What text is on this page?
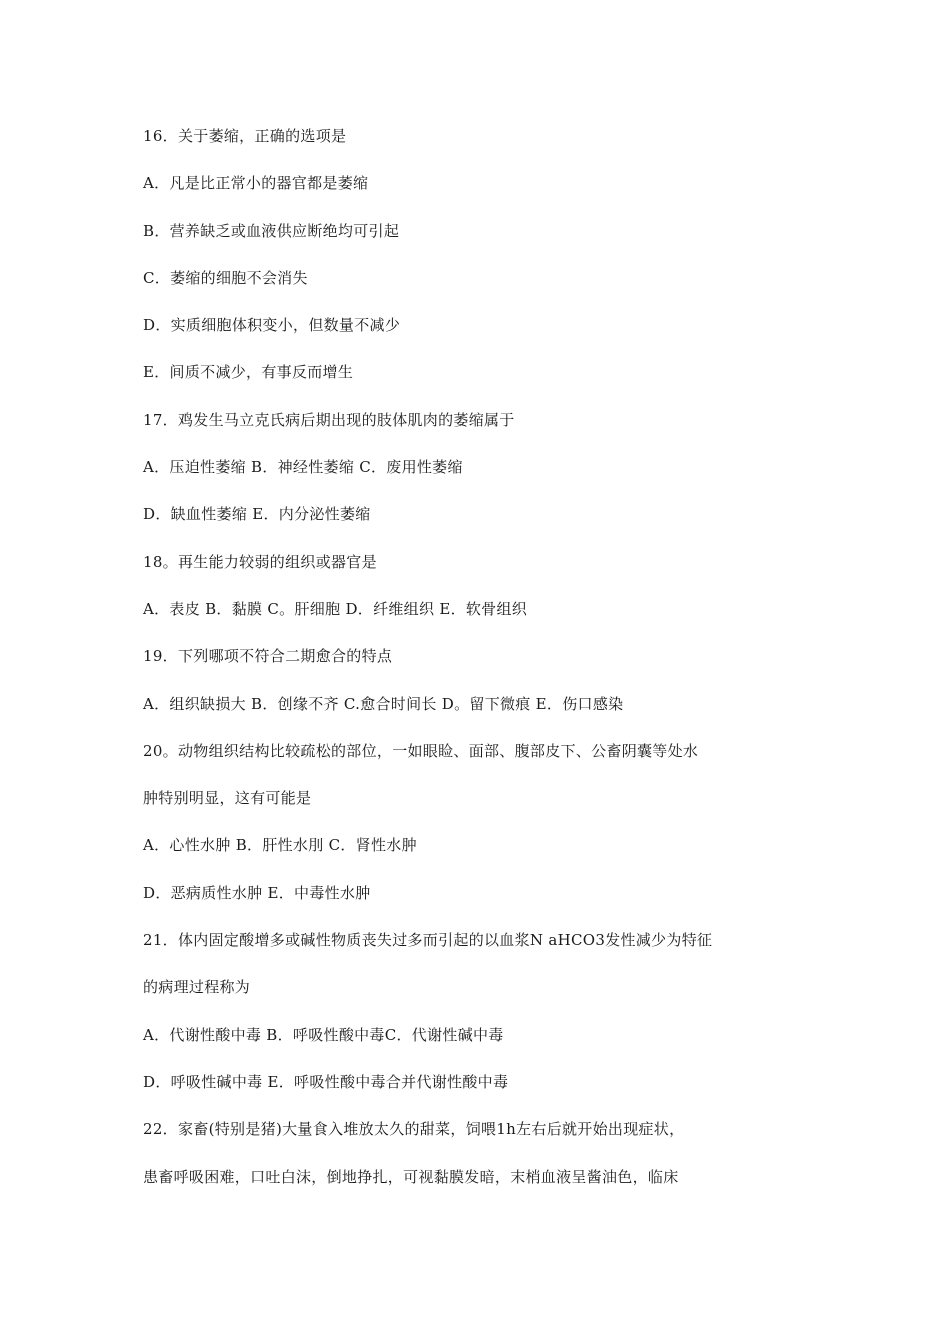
16．关于萎缩，正确的选项是
A．凡是比正常小的器官都是萎缩
B．营养缺乏或血液供应断绝均可引起
C．萎缩的细胞不会消失
D．实质细胞体积变小，但数量不减少
E．间质不减少，有事反而增生
17．鸡发生马立克氏病后期出现的肢体肌肉的萎缩属于
A．压迫性萎缩 B．神经性萎缩 C．废用性萎缩
D．缺血性萎缩 E．内分泌性萎缩
18。再生能力较弱的组织或器官是
A．表皮 B．黏膜 C。肝细胞 D．纤维组织 E．软骨组织
19．下列哪项不符合二期愈合的特点
A．组织缺损大 B．创缘不齐 C.愈合时间长 D。留下微痕 E．伤口感染
20。动物组织结构比较疏松的部位，一如眼睑、面部、腹部皮下、公畜阴囊等处水
肿特别明显，这有可能是
A．心性水肿 B．肝性水刖 C．肾性水肿
D．恶病质性水肿 E．中毒性水肿
21．体内固定酸增多或碱性物质丧失过多而引起的以血浆N aHCO3发性减少为特征
的病理过程称为
A．代谢性酸中毒 B．呼吸性酸中毒C．代谢性碱中毒
D．呼吸性碱中毒 E．呼吸性酸中毒合并代谢性酸中毒
22．家畜(特别是猪)大量食入堆放太久的甜菜，饲喂1h左右后就开始出现症状，
患畜呼吸困难，口吐白沫，倒地挣扎，可视黏膜发暗，末梢血液呈酱油色，临床
